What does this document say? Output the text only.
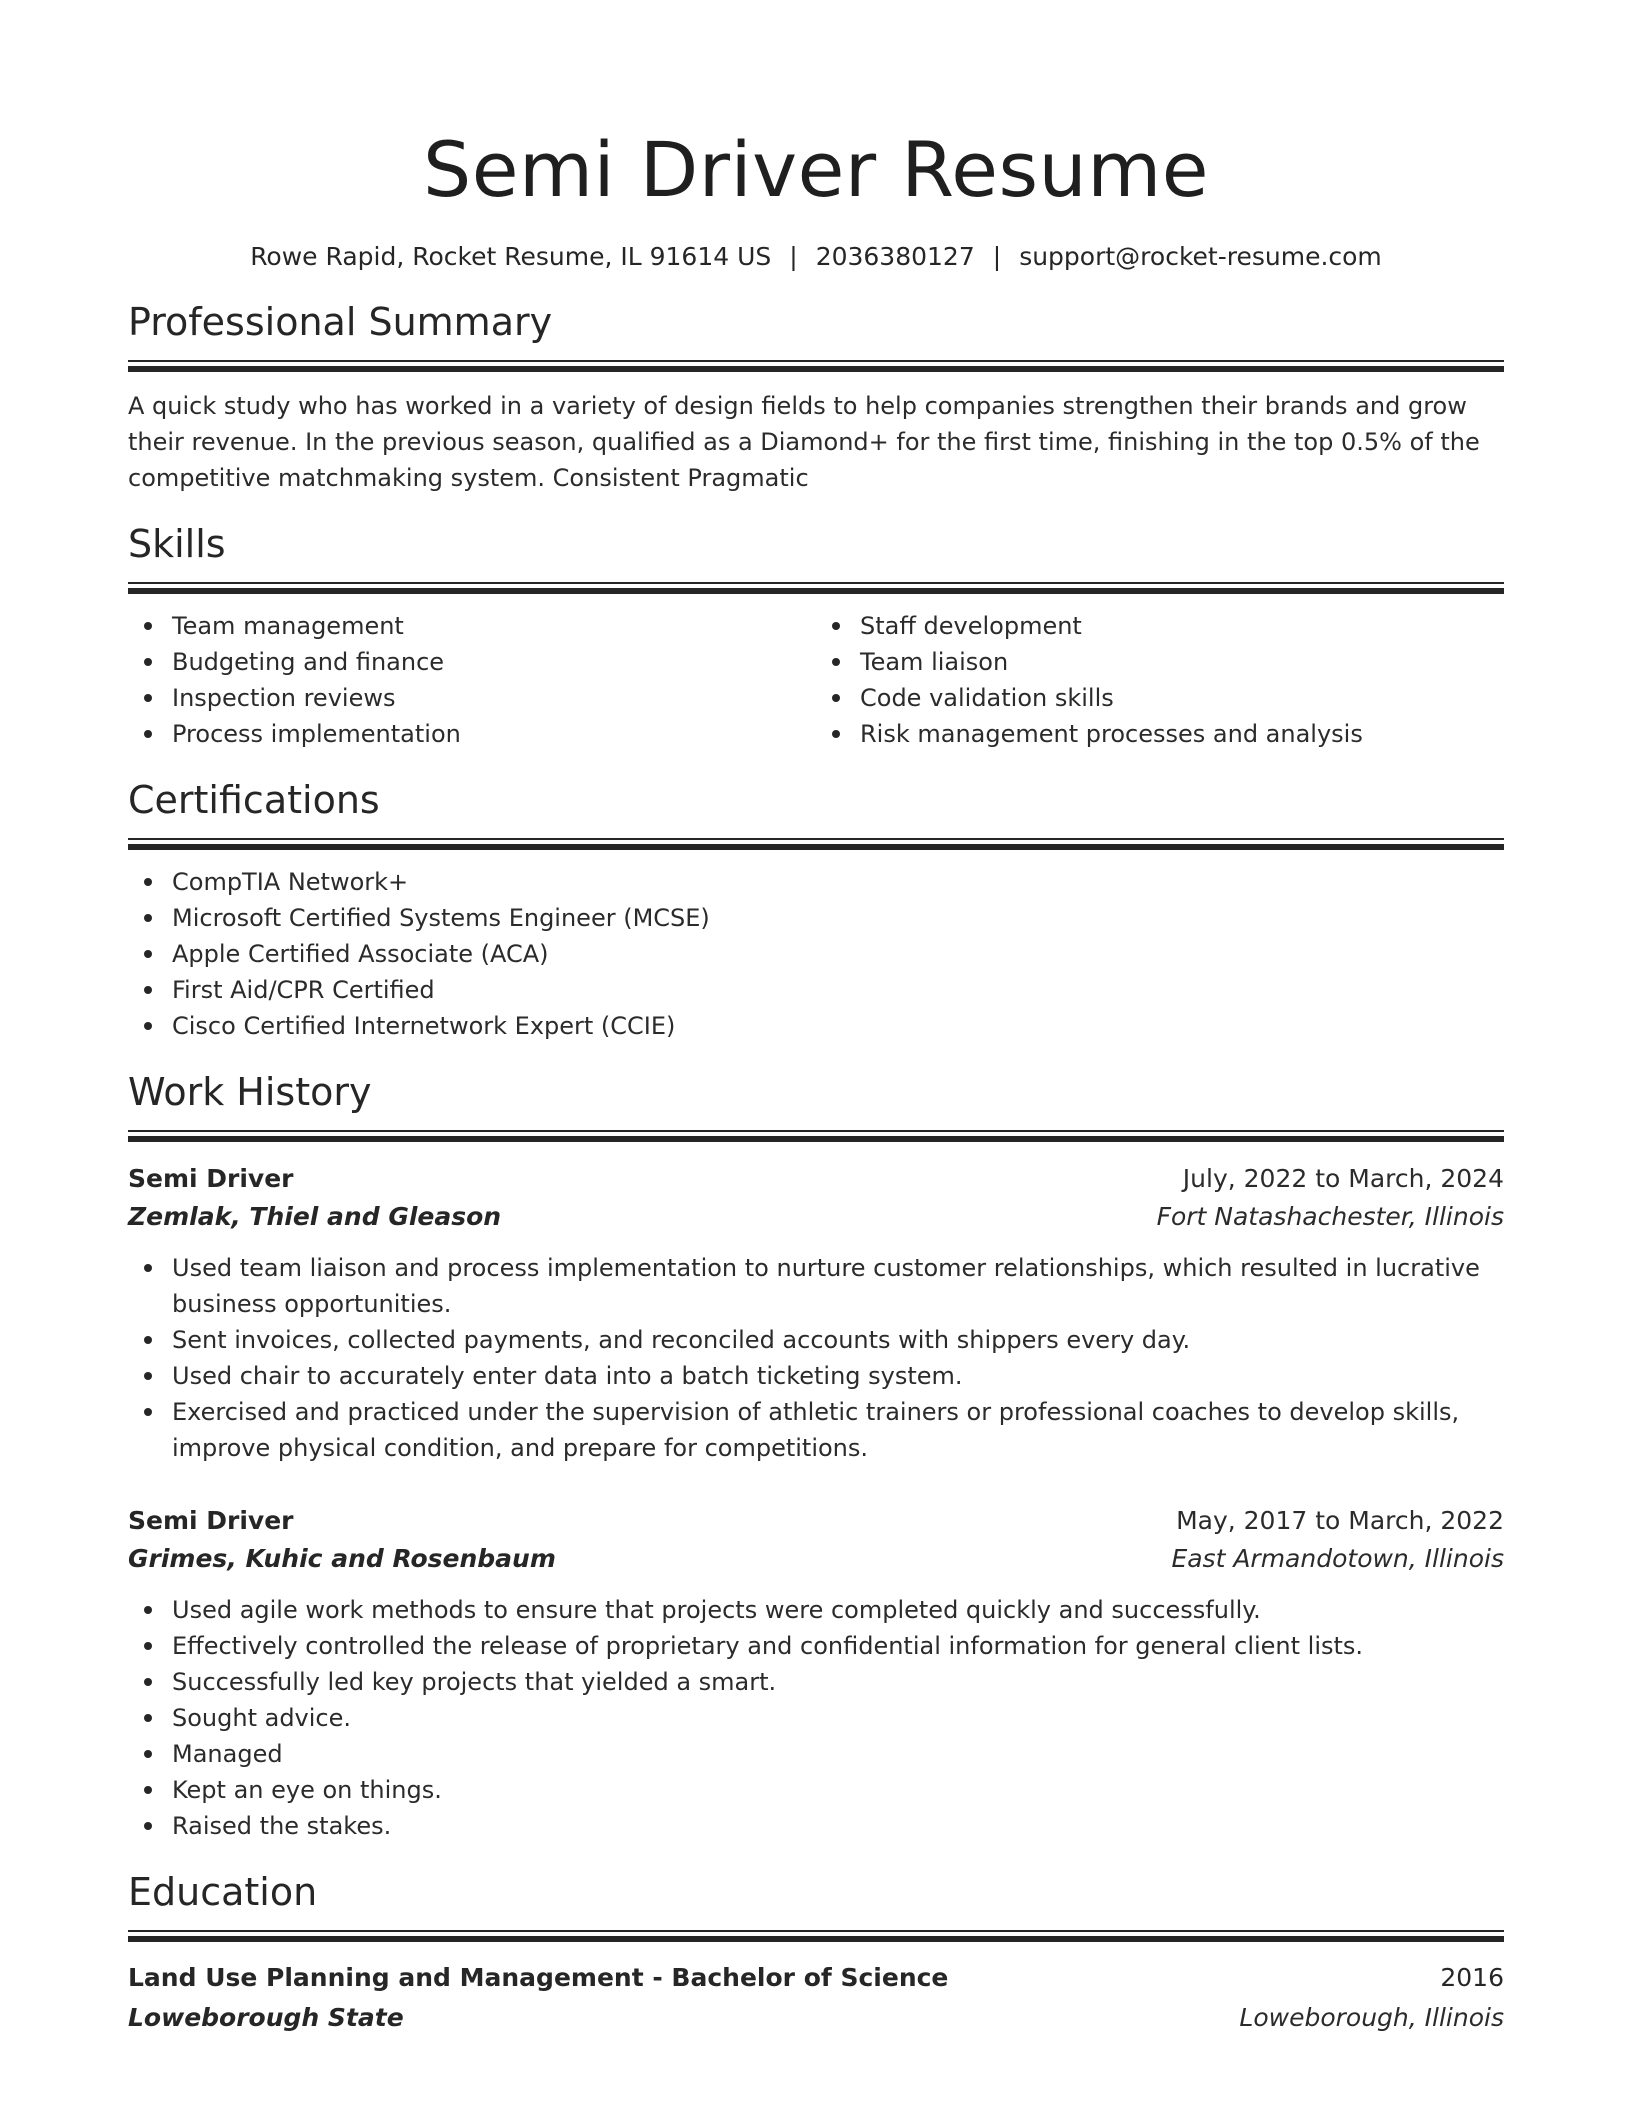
Semi Driver Resume
Rowe Rapid, Rocket Resume, IL 91614 US | 2036380127 | support@rocket-resume.com
Professional Summary
A quick study who has worked in a variety of design fields to help companies strengthen their brands and grow their revenue. In the previous season, qualified as a Diamond+ for the first time, finishing in the top 0.5% of the competitive matchmaking system. Consistent Pragmatic
Skills
Team management
Budgeting and finance
Inspection reviews
Process implementation
Staff development
Team liaison
Code validation skills
Risk management processes and analysis
Certifications
CompTIA Network+
Microsoft Certified Systems Engineer (MCSE)
Apple Certified Associate (ACA)
First Aid/CPR Certified
Cisco Certified Internetwork Expert (CCIE)
Work History
Semi Driver	July, 2022 to March, 2024
Zemlak, Thiel and Gleason	Fort Natashachester, Illinois
Used team liaison and process implementation to nurture customer relationships, which resulted in lucrative business opportunities.
Sent invoices, collected payments, and reconciled accounts with shippers every day.
Used chair to accurately enter data into a batch ticketing system.
Exercised and practiced under the supervision of athletic trainers or professional coaches to develop skills, improve physical condition, and prepare for competitions.
Semi Driver	May, 2017 to March, 2022
Grimes, Kuhic and Rosenbaum	East Armandotown, Illinois
Used agile work methods to ensure that projects were completed quickly and successfully.
Effectively controlled the release of proprietary and confidential information for general client lists.
Successfully led key projects that yielded a smart.
Sought advice.
Managed
Kept an eye on things.
Raised the stakes.
Education
Land Use Planning and Management - Bachelor of Science	2016
Loweborough State	Loweborough, Illinois
